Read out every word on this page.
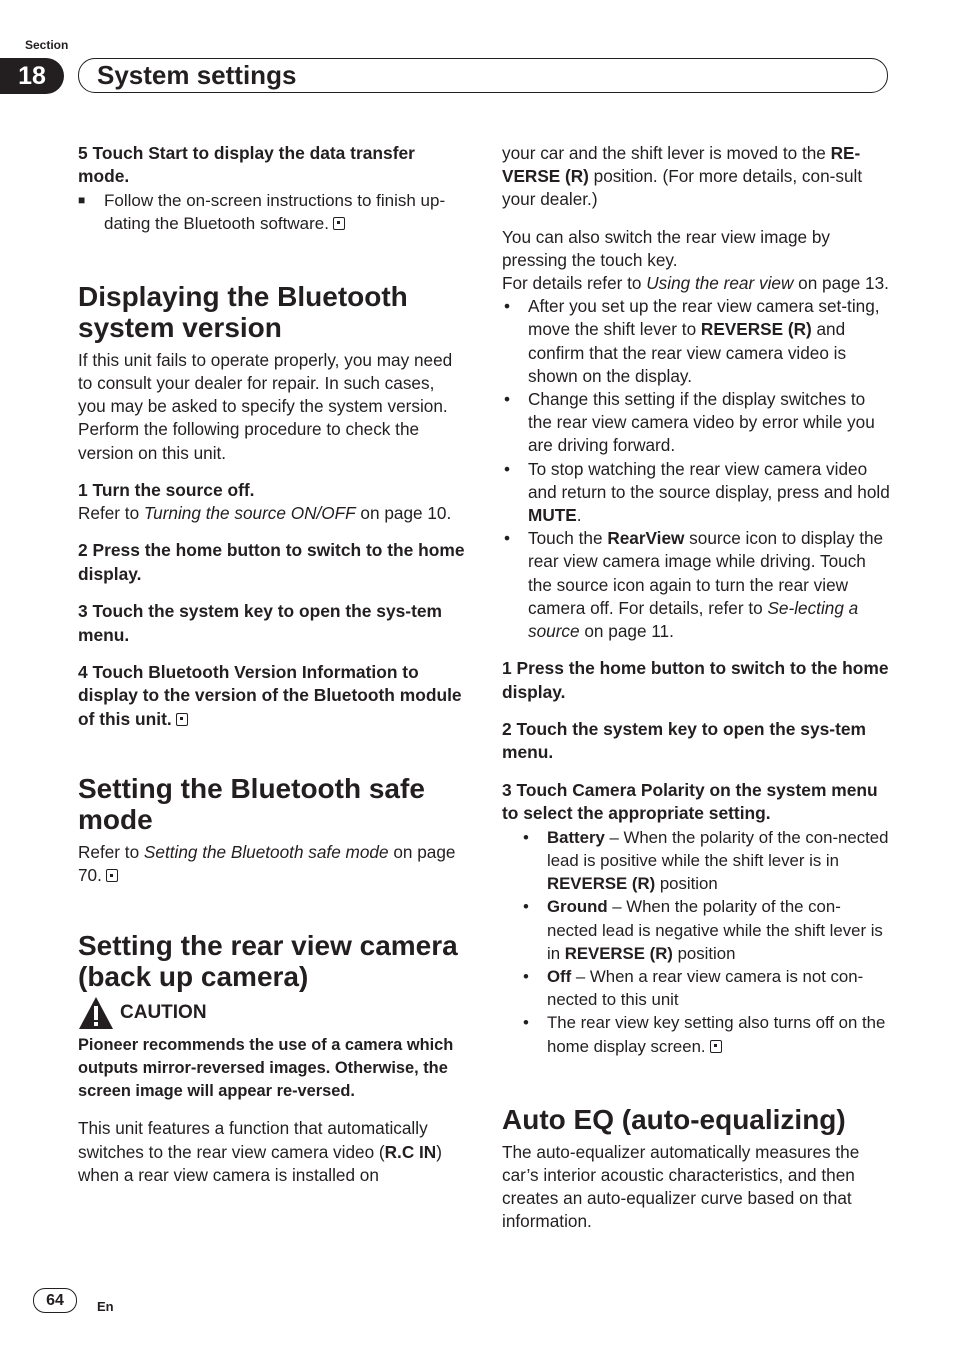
Section
18	System settings

5 Touch Start to display the data transfer mode.

■	Follow the on-screen instructions to finish up-dating the Bluetooth software.
Displaying the Bluetooth system version

If this unit fails to operate properly, you may need to consult your dealer for repair. In such cases, you may be asked to specify the system version. Perform the following procedure to check the version on this unit.

1 Turn the source off.

Refer to Turning the source ON/OFF on page 10.

2 Press the home button to switch to the home display.

3 Touch the system key to open the sys-tem menu.

4 Touch Bluetooth Version Information to display to the version of the Bluetooth module of this unit.

Setting the Bluetooth safe mode

Refer to Setting the Bluetooth safe mode on page 70.

Setting the rear view camera (back up camera)
CAUTION

Pioneer recommends the use of a camera which outputs mirror-reversed images. Otherwise, the screen image will appear re-versed.

This unit features a function that automatically switches to the rear view camera video (R.C IN) when a rear view camera is installed on

your car and the shift lever is moved to the RE-VERSE (R) position. (For more details, con-sult your dealer.)

You can also switch the rear view image by pressing the touch key.

For details refer to Using the rear view on page 13.

• After you set up the rear view camera set-ting, move the shift lever to REVERSE (R) and confirm that the rear view camera video is shown on the display.
• Change this setting if the display switches to the rear view camera video by error while you are driving forward.
• To stop watching the rear view camera video and return to the source display, press and hold MUTE.
• Touch the RearView source icon to display the rear view camera image while driving. Touch the source icon again to turn the rear view camera off. For details, refer to Se-lecting a source on page 11.

1 Press the home button to switch to the home display.

2 Touch the system key to open the sys-tem menu.

3 Touch Camera Polarity on the system menu to select the appropriate setting.

• Battery – When the polarity of the con-nected lead is positive while the shift lever is in REVERSE (R) position
• Ground – When the polarity of the con-nected lead is negative while the shift lever is in REVERSE (R) position
• Off – When a rear view camera is not con-nected to this unit
• The rear view key setting also turns off on the home display screen.
Auto EQ (auto-equalizing)

The auto-equalizer automatically measures the car’s interior acoustic characteristics, and then creates an auto-equalizer curve based on that information.

64	En
